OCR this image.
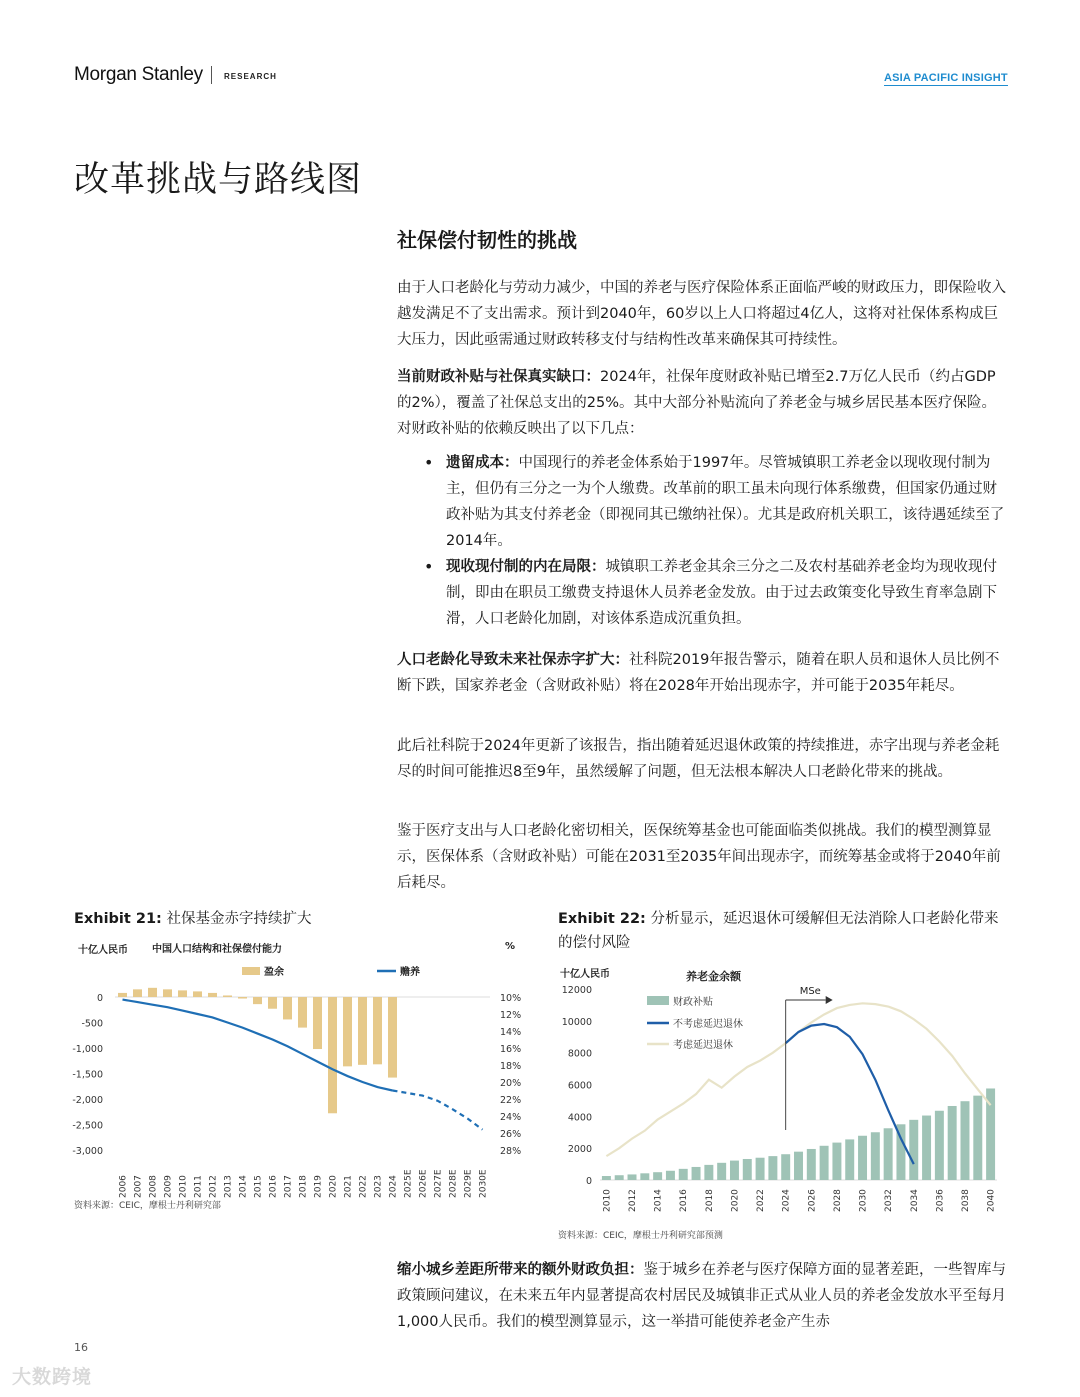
Morgan Stanley	RESEARCH	ASIA PACIFIC INSIGHT
改革挑战与路线图
社保偿付韧性的挑战
由于人口老龄化与劳动力减少，中国的养老与医疗保险体系正面临严峻的财政压力，即保险收入越发满足不了支出需求。预计到2040年，60岁以上人口将超过4亿人，这将对社保体系构成巨大压力，因此亟需通过财政转移支付与结构性改革来确保其可持续性。
当前财政补贴与社保真实缺口：2024年，社保年度财政补贴已增至2.7万亿人民币（约占GDP的2%），覆盖了社保总支出的25%。其中大部分补贴流向了养老金与城乡居民基本医疗保险。对财政补贴的依赖反映出了以下几点：
• 遗留成本：中国现行的养老金体系始于1997年。尽管城镇职工养老金以现收现付制为主，但仍有三分之一为个人缴费。改革前的职工虽未向现行体系缴费，但国家仍通过财政补贴为其支付养老金（即视同其已缴纳社保）。尤其是政府机关职工，该待遇延续至了2014年。
• 现收现付制的内在局限：城镇职工养老金其余三分之二及农村基础养老金均为现收现付制，即由在职员工缴费支持退休人员养老金发放。由于过去政策变化导致生育率急剧下滑，人口老龄化加剧，对该体系造成沉重负担。
人口老龄化导致未来社保赤字扩大：社科院2019年报告警示，随着在职人员和退休人员比例不断下跌，国家养老金（含财政补贴）将在2028年开始出现赤字，并可能于2035年耗尽。
此后社科院于2024年更新了该报告，指出随着延迟退休政策的持续推进，赤字出现与养老金耗尽的时间可能推迟8至9年，虽然缓解了问题，但无法根本解决人口老龄化带来的挑战。
鉴于医疗支出与人口老龄化密切相关，医保统筹基金也可能面临类似挑战。我们的模型测算显示，医保体系（含财政补贴）可能在2031至2035年间出现赤字，而统筹基金或将于2040年前后耗尽。
缩小城乡差距所带来的额外财政负担：鉴于城乡在养老与医疗保障方面的显著差距，一些智库与政策顾问建议，在未来五年内显著提高农村居民及城镇非正式从业人员的养老金发放水平至每月1,000人民币。我们的模型测算显示，这一举措可能使养老金产生赤
Exhibit 21: 社保基金赤字持续扩大
十亿人民币 中国人口结构和社保偿付能力	%
0
-500
-1,000
-1,500
-2,000
-2,500
-3,000
10%
12%
14%
16%
18%
20%
22%
24%
26%
28%
2006 2007 2008 2009 2010 2011 2012 2013 2014 2015 2016 2017 2018 2019 2020 2021 2022 2023 2024 2025E 2026E 2027E 2028E 2029E 2030E
盈余	赡养
资料来源：CEIC，摩根士丹利研究部
Exhibit 22: 分析显示，延迟退休可缓解但无法消除人口老龄化带来的偿付风险
十亿人民币	养老金余额
12000
10000
8000
6000
4000
2000
0
2010 2012 2014 2016 2018 2020 2022 2024 2026 2028 2030 2032 2034 2036 2038 2040
MSe
财政补贴
不考虑延迟退休
考虑延迟退休
资料来源：CEIC，摩根士丹利研究部预测
16
大数跨境
